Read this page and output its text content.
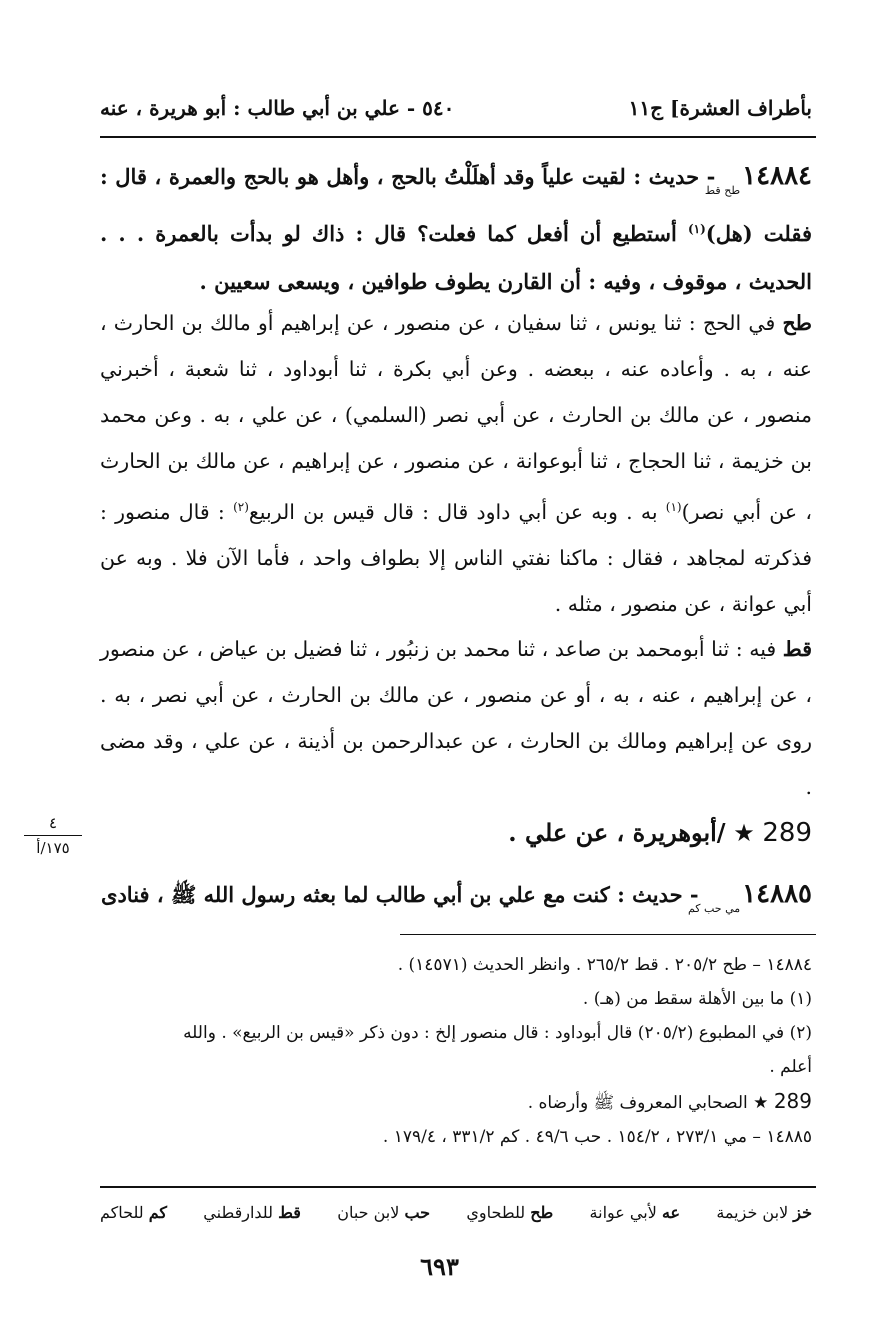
٥٤٠ - علي بن أبي طالب : أبو هريرة ، عنه	بأطراف العشرة] ج١١
$١٤٨٨٤_{طح قط}$ - حديث : لقيت علياً وقد أهلَلْتُ بالحج ، وأهل هو بالحج والعمرة ، قال : فقلت (هل)$^{(١)}$ أستطيع أن أفعل كما فعلت؟ قال : ذاك لو بدأت بالعمرة . . . الحديث ، موقوف ، وفيه : أن القارن يطوف طوافين ، ويسعى سعيين .
طح في الحج : ثنا يونس ، ثنا سفيان ، عن منصور ، عن إبراهيم أو مالك بن الحارث ، عنه ، به . وأعاده عنه ، ببعضه . وعن أبي بكرة ، ثنا أبوداود ، ثنا شعبة ، أخبرني منصور ، عن مالك بن الحارث ، عن أبي نصر (السلمي) ، عن علي ، به . وعن محمد بن خزيمة ، ثنا الحجاج ، ثنا أبوعوانة ، عن منصور ، عن إبراهيم ، عن مالك بن الحارث ، عن أبي نصر)$^{(١)}$ به . وبه عن أبي داود قال : قال قيس بن الربيع$^{(٢)}$ : قال منصور : فذكرته لمجاهد ، فقال : ماكنا نفتي الناس إلا بطواف واحد ، فأما الآن فلا . وبه عن أبي عوانة ، عن منصور ، مثله .
قط فيه : ثنا أبومحمد بن صاعد ، ثنا محمد بن زنبُور ، ثنا فضيل بن عياض ، عن منصور ، عن إبراهيم ، عنه ، به ، أو عن منصور ، عن مالك بن الحارث ، عن أبي نصر ، به . روى عن إبراهيم ومالك بن الحارث ، عن عبدالرحمن بن أذينة ، عن علي ، وقد مضى .
٤
١٧٥/أ	289 ★ /أبوهريرة ، عن علي .
$١٤٨٨٥_{مي حب كم}$ - حديث : كنت مع علي بن أبي طالب لما بعثه رسول الله ﷺ ، فنادى
١٤٨٨٤ – طح ٢٠٥/٢ . قط ٢٦٥/٢ . وانظر الحديث (١٤٥٧١) .
(١) ما بين الأهلة سقط من (هـ) .
(٢) في المطبوع (٢٠٥/٢) قال أبوداود : قال منصور إلخ : دون ذكر «قيس بن الربيع» . والله
أعلم .
289 ★ الصحابي المعروف ﷺ وأرضاه .
١٤٨٨٥ – مي ٢٧٣/١ ، ١٥٤/٢ . حب ٤٩/٦ . كم ٣٣١/٢ ، ١٧٩/٤ .
خز لابن خزيمة
عه لأبي عوانة
طح للطحاوي
حب لابن حبان
قط للدارقطني
كم للحاكم
٦٩٣
